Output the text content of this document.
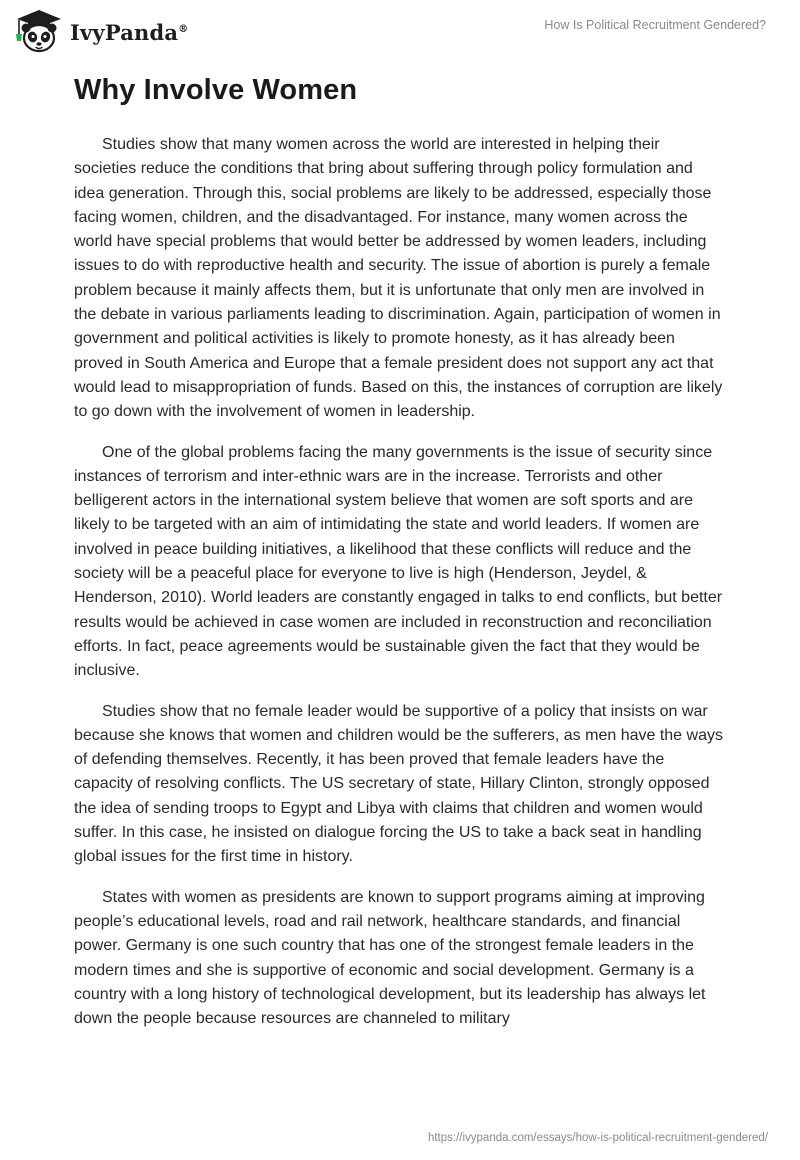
IvyPanda®	How Is Political Recruitment Gendered?
Why Involve Women

Studies show that many women across the world are interested in helping their societies reduce the conditions that bring about suffering through policy formulation and idea generation. Through this, social problems are likely to be addressed, especially those facing women, children, and the disadvantaged. For instance, many women across the world have special problems that would better be addressed by women leaders, including issues to do with reproductive health and security. The issue of abortion is purely a female problem because it mainly affects them, but it is unfortunate that only men are involved in the debate in various parliaments leading to discrimination. Again, participation of women in government and political activities is likely to promote honesty, as it has already been proved in South America and Europe that a female president does not support any act that would lead to misappropriation of funds. Based on this, the instances of corruption are likely to go down with the involvement of women in leadership.

One of the global problems facing the many governments is the issue of security since instances of terrorism and inter-ethnic wars are in the increase. Terrorists and other belligerent actors in the international system believe that women are soft sports and are likely to be targeted with an aim of intimidating the state and world leaders. If women are involved in peace building initiatives, a likelihood that these conflicts will reduce and the society will be a peaceful place for everyone to live is high (Henderson, Jeydel, & Henderson, 2010). World leaders are constantly engaged in talks to end conflicts, but better results would be achieved in case women are included in reconstruction and reconciliation efforts. In fact, peace agreements would be sustainable given the fact that they would be inclusive.

Studies show that no female leader would be supportive of a policy that insists on war because she knows that women and children would be the sufferers, as men have the ways of defending themselves. Recently, it has been proved that female leaders have the capacity of resolving conflicts. The US secretary of state, Hillary Clinton, strongly opposed the idea of sending troops to Egypt and Libya with claims that children and women would suffer. In this case, he insisted on dialogue forcing the US to take a back seat in handling global issues for the first time in history.

States with women as presidents are known to support programs aiming at improving people’s educational levels, road and rail network, healthcare standards, and financial power. Germany is one such country that has one of the strongest female leaders in the modern times and she is supportive of economic and social development. Germany is a country with a long history of technological development, but its leadership has always let down the people because resources are channeled to military

https://ivypanda.com/essays/how-is-political-recruitment-gendered/
